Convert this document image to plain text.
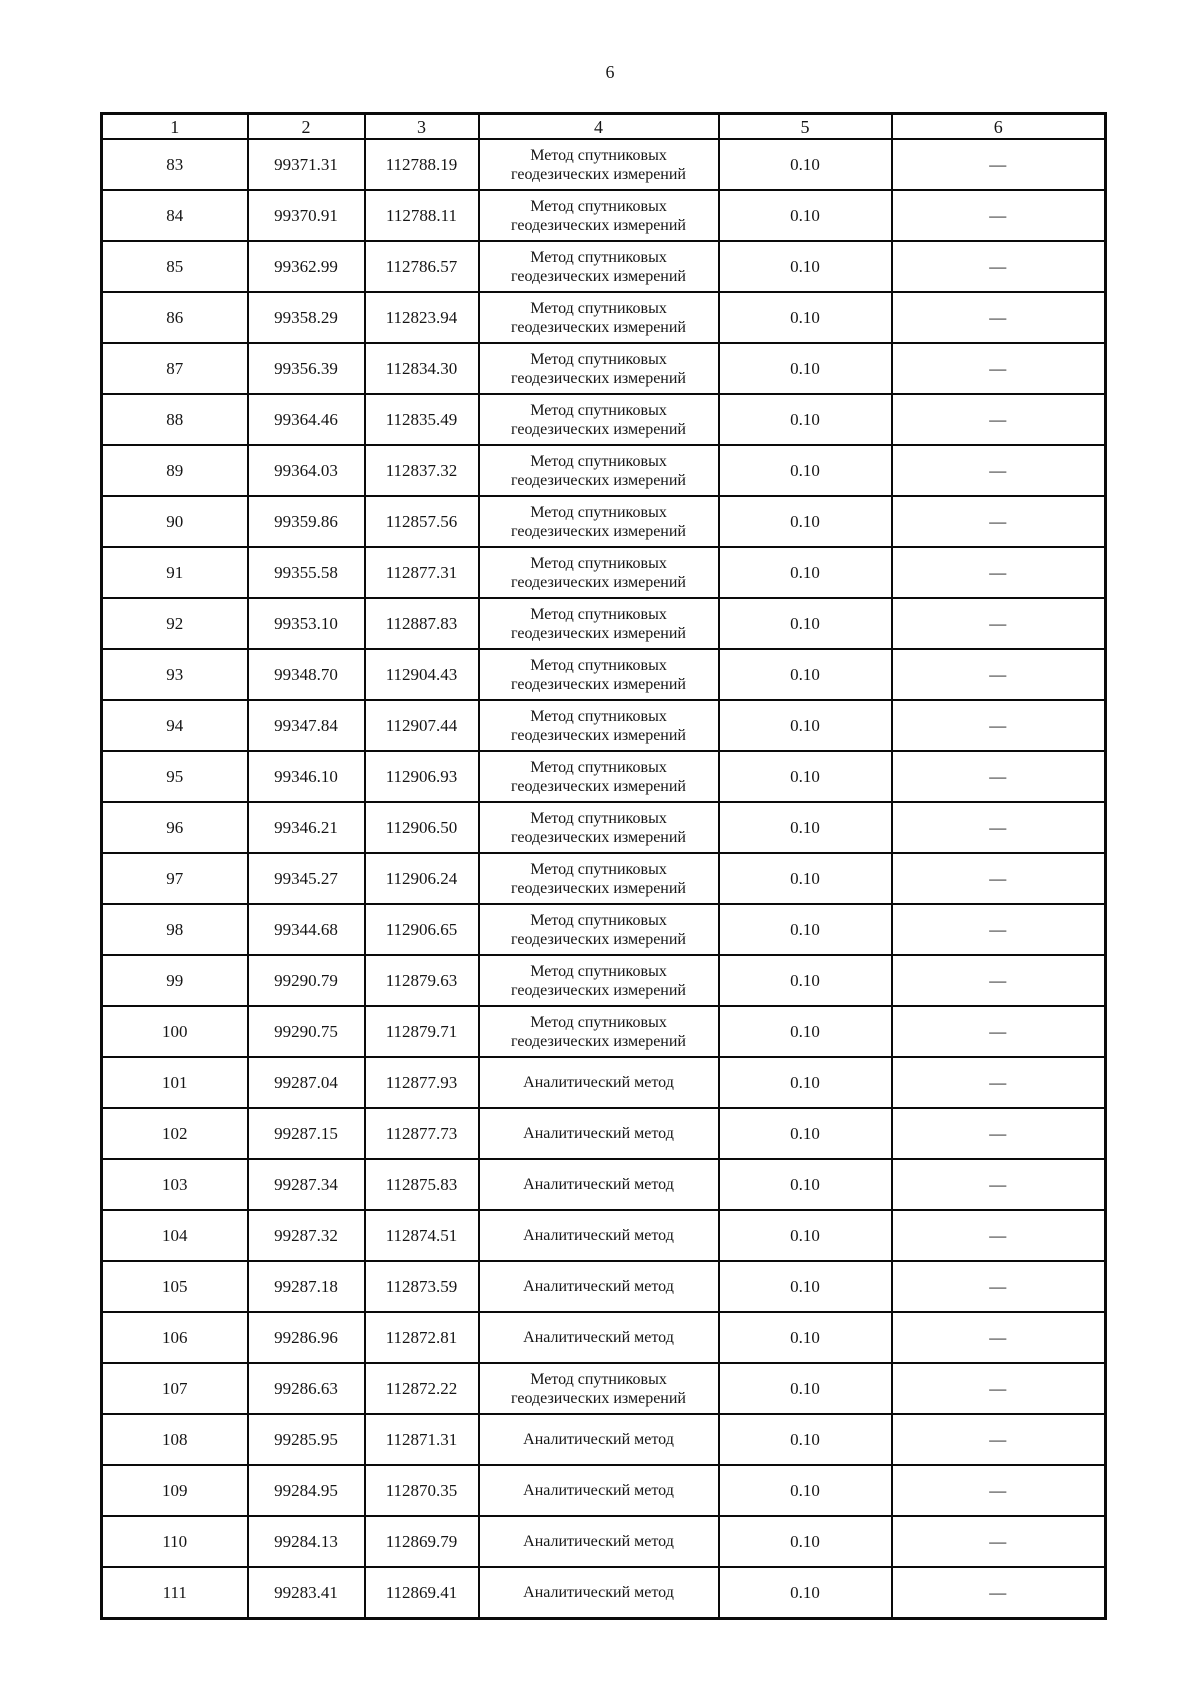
6
1	2	3	4	5	6
83	99371.31	112788.19	Метод спутниковых геодезических измерений	0.10	—
84	99370.91	112788.11	Метод спутниковых геодезических измерений	0.10	—
85	99362.99	112786.57	Метод спутниковых геодезических измерений	0.10	—
86	99358.29	112823.94	Метод спутниковых геодезических измерений	0.10	—
87	99356.39	112834.30	Метод спутниковых геодезических измерений	0.10	—
88	99364.46	112835.49	Метод спутниковых геодезических измерений	0.10	—
89	99364.03	112837.32	Метод спутниковых геодезических измерений	0.10	—
90	99359.86	112857.56	Метод спутниковых геодезических измерений	0.10	—
91	99355.58	112877.31	Метод спутниковых геодезических измерений	0.10	—
92	99353.10	112887.83	Метод спутниковых геодезических измерений	0.10	—
93	99348.70	112904.43	Метод спутниковых геодезических измерений	0.10	—
94	99347.84	112907.44	Метод спутниковых геодезических измерений	0.10	—
95	99346.10	112906.93	Метод спутниковых геодезических измерений	0.10	—
96	99346.21	112906.50	Метод спутниковых геодезических измерений	0.10	—
97	99345.27	112906.24	Метод спутниковых геодезических измерений	0.10	—
98	99344.68	112906.65	Метод спутниковых геодезических измерений	0.10	—
99	99290.79	112879.63	Метод спутниковых геодезических измерений	0.10	—
100	99290.75	112879.71	Метод спутниковых геодезических измерений	0.10	—
101	99287.04	112877.93	Аналитический метод	0.10	—
102	99287.15	112877.73	Аналитический метод	0.10	—
103	99287.34	112875.83	Аналитический метод	0.10	—
104	99287.32	112874.51	Аналитический метод	0.10	—
105	99287.18	112873.59	Аналитический метод	0.10	—
106	99286.96	112872.81	Аналитический метод	0.10	—
107	99286.63	112872.22	Метод спутниковых геодезических измерений	0.10	—
108	99285.95	112871.31	Аналитический метод	0.10	—
109	99284.95	112870.35	Аналитический метод	0.10	—
110	99284.13	112869.79	Аналитический метод	0.10	—
111	99283.41	112869.41	Аналитический метод	0.10	—
